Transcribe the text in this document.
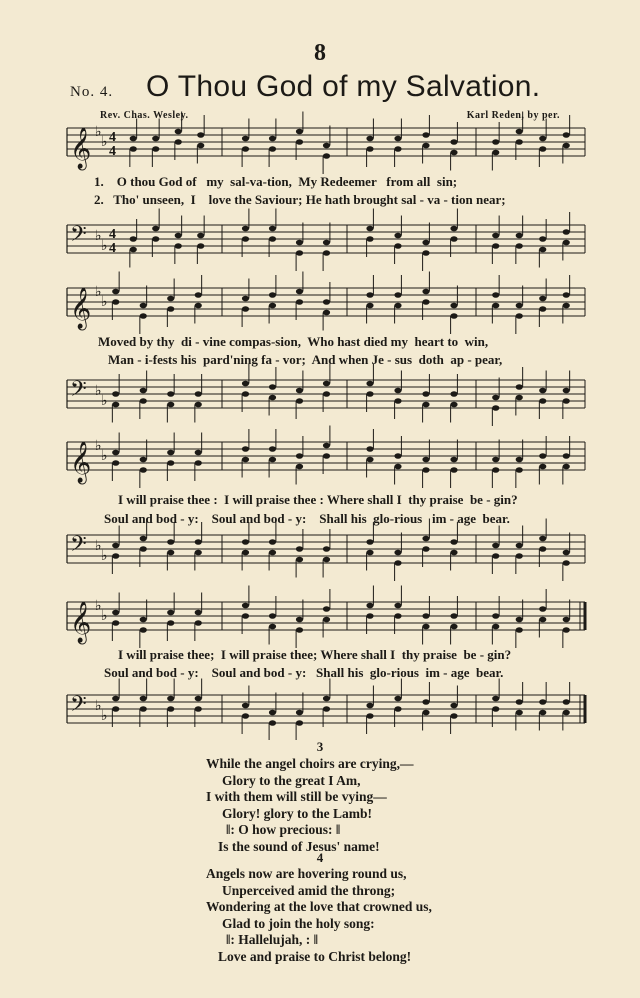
8
No. 4. O Thou God of my Salvation.
Rev. Chas. Wesley.	Karl Reden, by per.
𝄞 ♭
♭ 4
4
𝄢 ♭
♭
4
4
𝄞 ♭
♭
𝄢 ♭
♭
𝄞 ♭
♭
𝄢 ♭
♭
𝄞 ♭
♭
𝄢 ♭
♭
1.    O thou God of   my  sal-va-tion,  My Redeemer   from all  sin;
2.   Tho' unseen,  I    love the Saviour; He hath brought sal - va - tion near;
Moved by thy  di - vine compas-sion,  Who hast died my  heart to  win,
Man - i-fests his  pard'ning fa - vor;  And when Je - sus  doth  ap - pear,
I will praise thee :  I will praise thee : Where shall I  thy praise  be - gin?
Soul and bod - y:    Soul and bod - y:    Shall his  glo-rious   im - age  bear.
I will praise thee;  I will praise thee; Where shall I  thy praise  be - gin?
Soul and bod - y:    Soul and bod - y:   Shall his  glo-rious  im - age  bear.
3
While the angel choirs are crying,—
Glory to the great I Am,
I with them will still be vying—
Glory! glory to the Lamb!
‖: O how precious: ‖
Is the sound of Jesus' name!
4
Angels now are hovering round us,
Unperceived amid the throng;
Wondering at the love that crowned us,
Glad to join the holy song:
‖: Hallelujah, : ‖
Love and praise to Christ belong!
